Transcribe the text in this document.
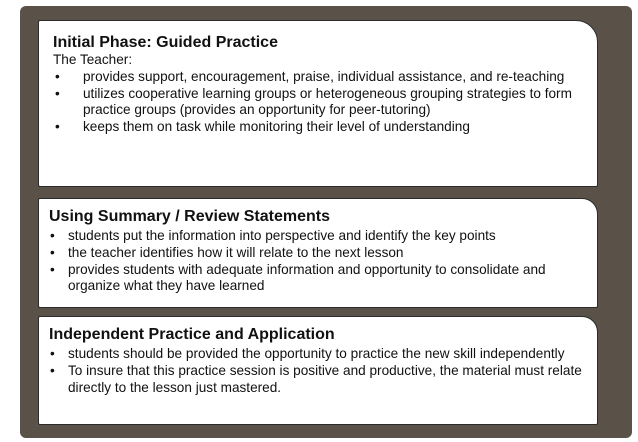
Initial Phase: Guided Practice
The Teacher:
• provides support, encouragement, praise, individual assistance, and re-teaching
• utilizes cooperative learning groups or heterogeneous grouping strategies to form practice groups (provides an opportunity for peer-tutoring)
• keeps them on task while monitoring their level of understanding
Using Summary / Review Statements
• students put the information into perspective and identify the key points
• the teacher identifies how it will relate to the next lesson
• provides students with adequate information and opportunity to consolidate and organize what they have learned
Independent Practice and Application
• students should be provided the opportunity to practice the new skill independently
• To insure that this practice session is positive and productive, the material must relate directly to the lesson just mastered.
